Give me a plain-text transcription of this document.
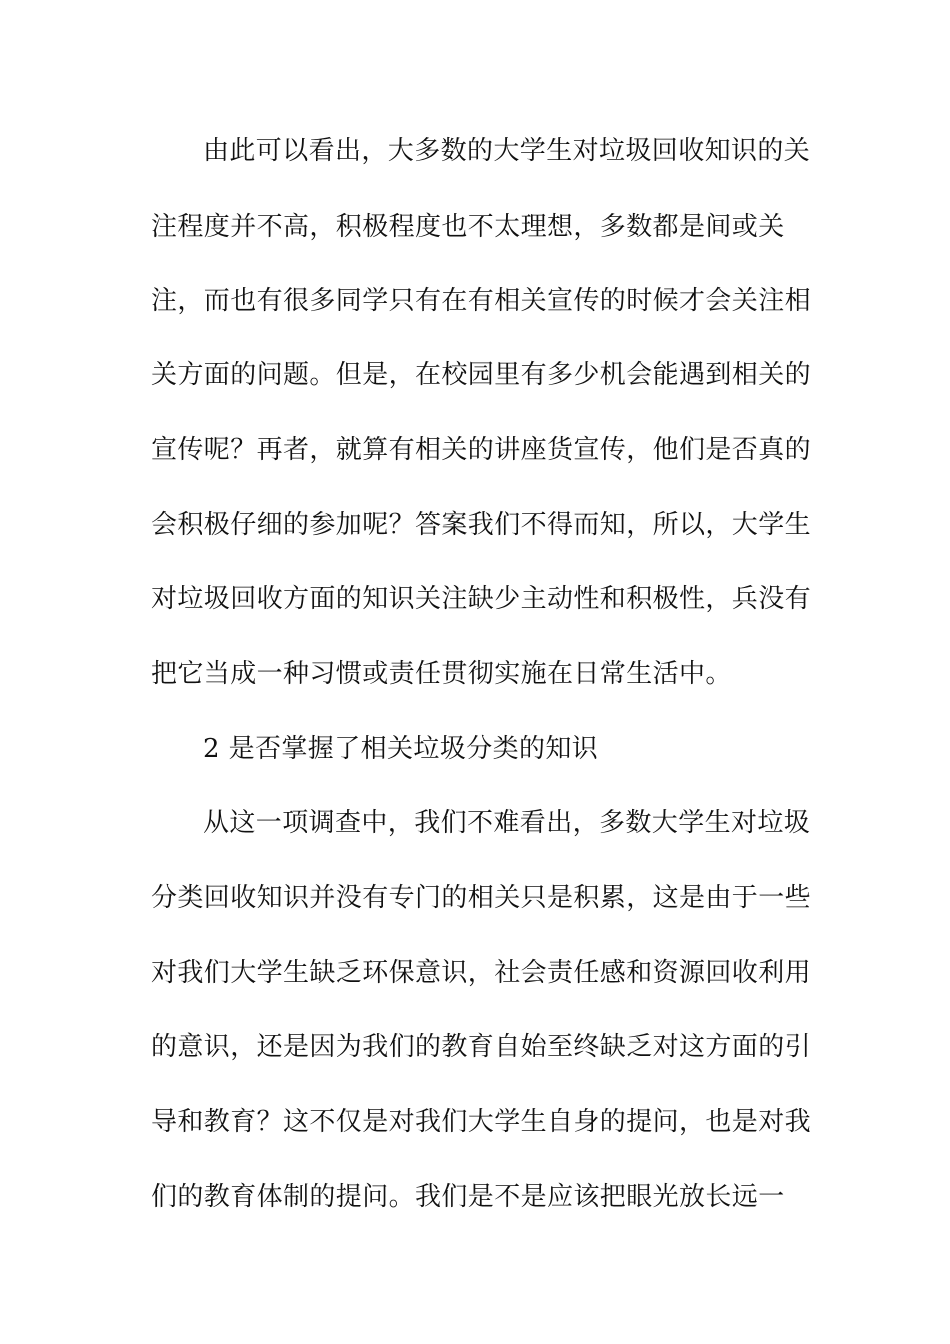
由此可以看出，大多数的大学生对垃圾回收知识的关
注程度并不高，积极程度也不太理想，多数都是间或关
注，而也有很多同学只有在有相关宣传的时候才会关注相
关方面的问题。但是，在校园里有多少机会能遇到相关的
宣传呢？再者，就算有相关的讲座货宣传，他们是否真的
会积极仔细的参加呢？答案我们不得而知，所以，大学生
对垃圾回收方面的知识关注缺少主动性和积极性，兵没有
把它当成一种习惯或责任贯彻实施在日常生活中。
2 是否掌握了相关垃圾分类的知识
从这一项调查中，我们不难看出，多数大学生对垃圾
分类回收知识并没有专门的相关只是积累，这是由于一些
对我们大学生缺乏环保意识，社会责任感和资源回收利用
的意识，还是因为我们的教育自始至终缺乏对这方面的引
导和教育？这不仅是对我们大学生自身的提问，也是对我
们的教育体制的提问。我们是不是应该把眼光放长远一
